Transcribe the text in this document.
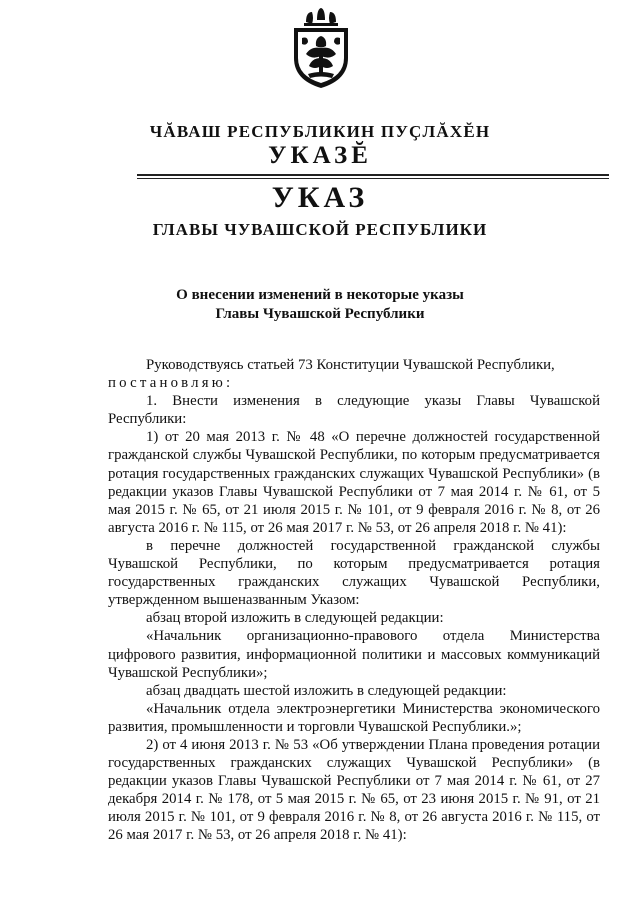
ЧĂВАШ РЕСПУБЛИКИН ПУҪЛĂХĔН
УКАЗĔ
УКАЗ
ГЛАВЫ ЧУВАШСКОЙ РЕСПУБЛИКИ
О внесении изменений в некоторые указы
Главы Чувашской Республики

Руководствуясь статьей 73 Конституции Чувашской Республики,

постановляю:

1. Внести изменения в следующие указы Главы Чувашской Республики:

1) от 20 мая 2013 г. № 48 «О перечне должностей государственной гражданской службы Чувашской Республики, по которым предусматривается ротация государственных гражданских служащих Чувашской Республики» (в редакции указов Главы Чувашской Республики от 7 мая 2014 г. № 61, от 5 мая 2015 г. № 65, от 21 июля 2015 г. № 101, от 9 февраля 2016 г. № 8, от 26 августа 2016 г. № 115, от 26 мая 2017 г. № 53, от 26 апреля 2018 г. № 41):

в перечне должностей государственной гражданской службы Чувашской Республики, по которым предусматривается ротация государственных гражданских служащих Чувашской Республики, утвержденном вышеназванным Указом:

абзац второй изложить в следующей редакции:

«Начальник организационно-правового отдела Министерства цифрового развития, информационной политики и массовых коммуникаций Чувашской Республики»;

абзац двадцать шестой изложить в следующей редакции:

«Начальник отдела электроэнергетики Министерства экономического развития, промышленности и торговли Чувашской Республики.»;

2) от 4 июня 2013 г. № 53 «Об утверждении Плана проведения ротации государственных гражданских служащих Чувашской Республики» (в редакции указов Главы Чувашской Республики от 7 мая 2014 г. № 61, от 27 декабря 2014 г. № 178, от 5 мая 2015 г. № 65, от 23 июня 2015 г. № 91, от 21 июля 2015 г. № 101, от 9 февраля 2016 г. № 8, от 26 августа 2016 г. № 115, от 26 мая 2017 г. № 53, от 26 апреля 2018 г. № 41):
